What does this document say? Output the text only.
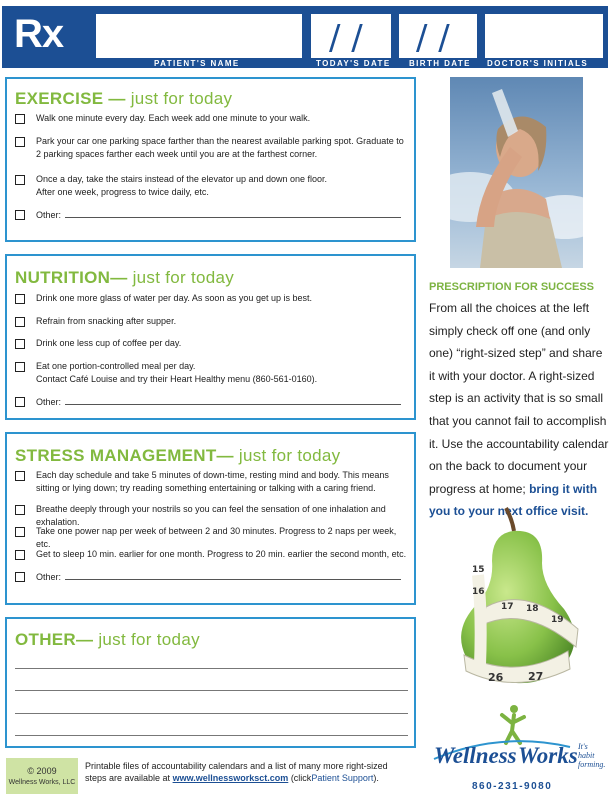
Rx	/ / / /
PATIENT'S NAME	TODAY'S DATE BIRTH DATE DOCTOR'S INITIALS
EXERCISE — just for today
Walk one minute every day. Each week add one minute to your walk.
Park your car one parking space farther than the nearest available parking spot. Graduate to 2 parking spaces farther each week until you are at the farthest corner.
Once a day, take the stairs instead of the elevator up and down one floor.
After one week, progress to twice daily, etc.
Other:
NUTRITION— just for today
Drink one more glass of water per day. As soon as you get up is best.
Refrain from snacking after supper.
Drink one less cup of coffee per day.
Eat one portion-controlled meal per day.
Contact Café Louise and try their Heart Healthy menu (860-561-0160).
Other:
STRESS MANAGEMENT— just for today
Each day schedule and take 5 minutes of down-time, resting mind and body. This means sitting or lying down; try reading something entertaining or talking with a caring friend.
Breathe deeply through your nostrils so you can feel the sensation of one inhalation and exhalation.
Take one power nap per week of between 2 and 30 minutes. Progress to 2 naps per week, etc.
Get to sleep 10 min. earlier for one month. Progress to 20 min. earlier the second month, etc.
Other:
OTHER— just for today
PRESCRIPTION FOR SUCCESS
From all the choices at the left simply check off one (and only one) “right-sized step” and share it with your doctor. A right-sized step is an activity that is so small that you cannot fail to accomplish it. Use the accountability calendar on the back to document your progress at home; bring it with you to your next office visit.
15
16
17 18
19
26 27
Wellness Works It's
habit
forming.
860-231-9080
© 2009
Wellness Works, LLC
Printable files of accountability calendars and a list of many more right-sized
steps are available at www.wellnessworksct.com (clickPatient Support).
